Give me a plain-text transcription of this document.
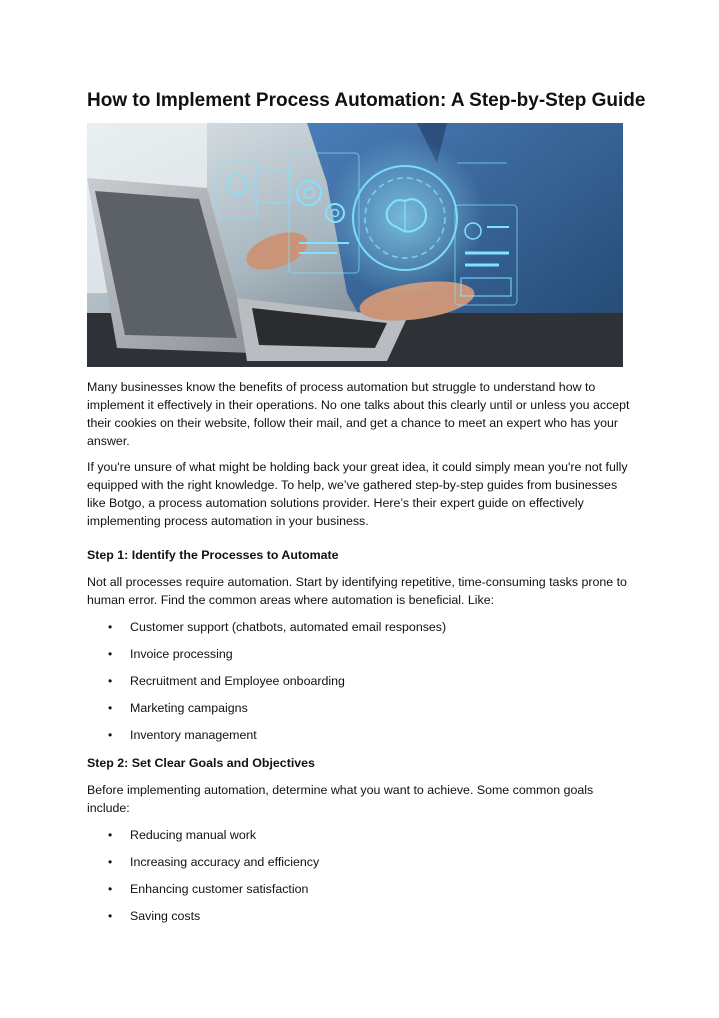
How to Implement Process Automation: A Step-by-Step Guide

Many businesses know the benefits of process automation but struggle to understand how to implement it effectively in their operations. No one talks about this clearly until or unless you accept their cookies on their website, follow their mail, and get a chance to meet an expert who has your answer.

If you're unsure of what might be holding back your great idea, it could simply mean you're not fully equipped with the right knowledge. To help, we’ve gathered step-by-step guides from businesses like Botgo, a process automation solutions provider. Here’s their expert guide on effectively implementing process automation in your business.

Step 1: Identify the Processes to Automate

Not all processes require automation. Start by identifying repetitive, time-consuming tasks prone to human error. Find the common areas where automation is beneficial. Like:

• Customer support (chatbots, automated email responses)
• Invoice processing
• Recruitment and Employee onboarding
• Marketing campaigns
• Inventory management

Step 2: Set Clear Goals and Objectives

Before implementing automation, determine what you want to achieve. Some common goals include:

• Reducing manual work
• Increasing accuracy and efficiency
• Enhancing customer satisfaction
• Saving costs
